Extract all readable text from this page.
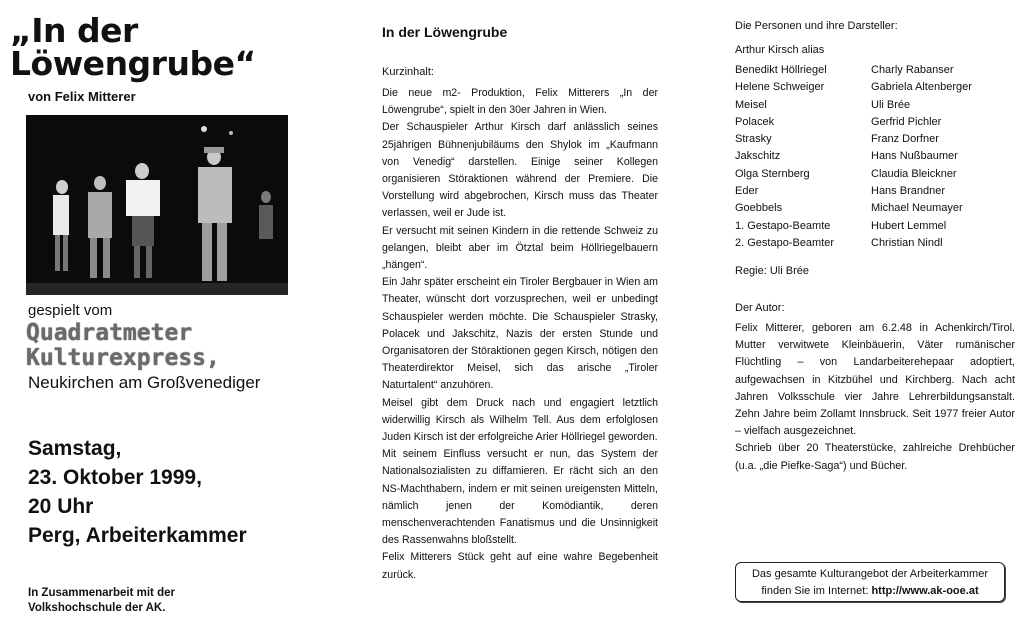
„In der
Löwengrube“
von Felix Mitterer
gespielt vom
Quadratmeter
Kulturexpress,
Neukirchen am Großvenediger
Samstag,
23. Oktober 1999,
20 Uhr
Perg, Arbeiterkammer
In Zusammenarbeit mit der
Volkshochschule der AK.
In der Löwengrube
Kurzinhalt:

Die neue m2- Produktion, Felix Mitterers „In der Löwengrube“, spielt in den 30er Jahren in Wien.

Der Schauspieler Arthur Kirsch darf anlässlich seines 25jährigen Bühnenjubiläums den Shylok im „Kaufmann von Venedig“ darstellen. Einige seiner Kollegen organisieren Störaktionen während der Premiere. Die Vorstellung wird abgebrochen, Kirsch muss das Theater verlassen, weil er Jude ist.

Er versucht mit seinen Kindern in die rettende Schweiz zu gelangen, bleibt aber im Ötztal beim Höllriegelbauern „hängen“.

Ein Jahr später erscheint ein Tiroler Bergbauer in Wien am Theater, wünscht dort vorzusprechen, weil er unbedingt Schauspieler werden möchte. Die Schauspieler Strasky, Polacek und Jakschitz, Nazis der ersten Stunde und Organisatoren der Störaktionen gegen Kirsch, nötigen den Theaterdirektor Meisel, sich das arische „Tiroler Naturtalent“ anzuhören.

Meisel gibt dem Druck nach und engagiert letztlich widerwillig Kirsch als Wilhelm Tell. Aus dem erfolglosen Juden Kirsch ist der erfolgreiche Arier Höllriegel geworden.

Mit seinem Einfluss versucht er nun, das System der Nationalsozialisten zu diffamieren. Er rächt sich an den NS-Machthabern, indem er mit seinen ureigensten Mitteln, nämlich jenen der Komödiantik, deren menschenverachtenden Fanatismus und die Unsinnigkeit des Rassenwahns bloßstellt.

Felix Mitterers Stück geht auf eine wahre Begebenheit zurück.

Die Personen und ihre Darsteller:
Arthur Kirsch alias
Benedikt Höllriegel	Charly Rabanser
Helene Schweiger	Gabriela Altenberger
Meisel	Uli Brée
Polacek	Gerfrid Pichler
Strasky	Franz Dorfner
Jakschitz	Hans Nußbaumer
Olga Sternberg	Claudia Bleickner
Eder	Hans Brandner
Goebbels	Michael Neumayer
1. Gestapo-Beamte	Hubert Lemmel
2. Gestapo-Beamter	Christian Nindl
Regie: Uli Brée
Der Autor:

Felix Mitterer, geboren am 6.2.48 in Achenkirch/Tirol. Mutter verwitwete Kleinbäuerin, Väter rumänischer Flüchtling – von Landarbeiterehepaar adoptiert, aufgewachsen in Kitzbühel und Kirchberg. Nach acht Jahren Volksschule vier Jahre Lehrerbildungsanstalt. Zehn Jahre beim Zollamt Innsbruck. Seit 1977 freier Autor – vielfach ausgezeichnet.

Schrieb über 20 Theaterstücke, zahlreiche Drehbücher (u.a. „die Piefke-Saga“) und Bücher.

Das gesamte Kulturangebot der Arbeiterkammer
finden Sie im Internet: http://www.ak-ooe.at
